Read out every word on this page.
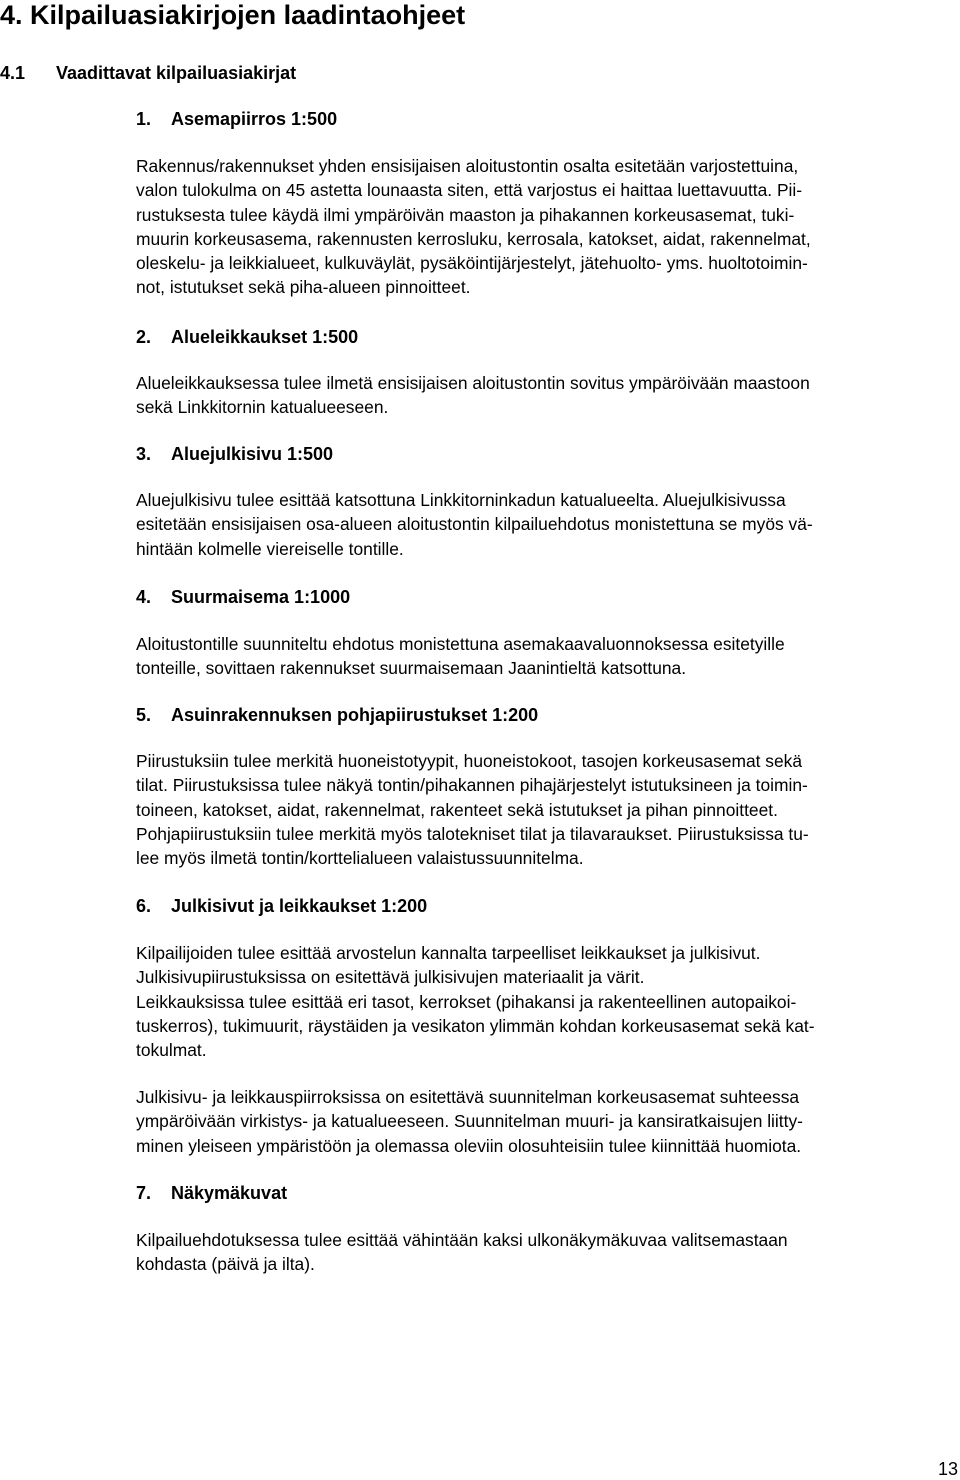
4. Kilpailuasiakirjojen laadintaohjeet
4.1 Vaadittavat kilpailuasiakirjat
1. Asemapiirros 1:500

Rakennus/rakennukset yhden ensisijaisen aloitustontin osalta esitetään varjostettuina,
valon tulokulma on 45 astetta lounaasta siten, että varjostus ei haittaa luettavuutta. Pii-
rustuksesta tulee käydä ilmi ympäröivän maaston ja pihakannen korkeusasemat, tuki-
muurin korkeusasema, rakennusten kerrosluku, kerrosala, katokset, aidat, rakennelmat,
oleskelu- ja leikkialueet, kulkuväylät, pysäköintijärjestelyt, jätehuolto- yms. huoltotoimin-
not, istutukset sekä piha-alueen pinnoitteet.

2. Alueleikkaukset 1:500

Alueleikkauksessa tulee ilmetä ensisijaisen aloitustontin sovitus ympäröivään maastoon
sekä Linkkitornin katualueeseen.

3. Aluejulkisivu 1:500

Aluejulkisivu tulee esittää katsottuna Linkkitorninkadun katualueelta. Aluejulkisivussa
esitetään ensisijaisen osa-alueen aloitustontin kilpailuehdotus monistettuna se myös vä-
hintään kolmelle viereiselle tontille.

4. Suurmaisema 1:1000

Aloitustontille suunniteltu ehdotus monistettuna asemakaavaluonnoksessa esitetyille
tonteille, sovittaen rakennukset suurmaisemaan Jaanintieltä katsottuna.

5. Asuinrakennuksen pohjapiirustukset 1:200

Piirustuksiin tulee merkitä huoneistotyypit, huoneistokoot, tasojen korkeusasemat sekä
tilat. Piirustuksissa tulee näkyä tontin/pihakannen pihajärjestelyt istutuksineen ja toimin-
toineen, katokset, aidat, rakennelmat, rakenteet sekä istutukset ja pihan pinnoitteet.
Pohjapiirustuksiin tulee merkitä myös talotekniset tilat ja tilavaraukset. Piirustuksissa tu-
lee myös ilmetä tontin/korttelialueen valaistussuunnitelma.

6. Julkisivut ja leikkaukset 1:200

Kilpailijoiden tulee esittää arvostelun kannalta tarpeelliset leikkaukset ja julkisivut.
Julkisivupiirustuksissa on esitettävä julkisivujen materiaalit ja värit.
Leikkauksissa tulee esittää eri tasot, kerrokset (pihakansi ja rakenteellinen autopaikoi-
tuskerros), tukimuurit, räystäiden ja vesikaton ylimmän kohdan korkeusasemat sekä kat-
tokulmat.

Julkisivu- ja leikkauspiirroksissa on esitettävä suunnitelman korkeusasemat suhteessa
ympäröivään virkistys- ja katualueeseen. Suunnitelman muuri- ja kansiratkaisujen liitty-
minen yleiseen ympäristöön ja olemassa oleviin olosuhteisiin tulee kiinnittää huomiota.

7. Näkymäkuvat

Kilpailuehdotuksessa tulee esittää vähintään kaksi ulkonäkymäkuvaa valitsemastaan
kohdasta (päivä ja ilta).

13
